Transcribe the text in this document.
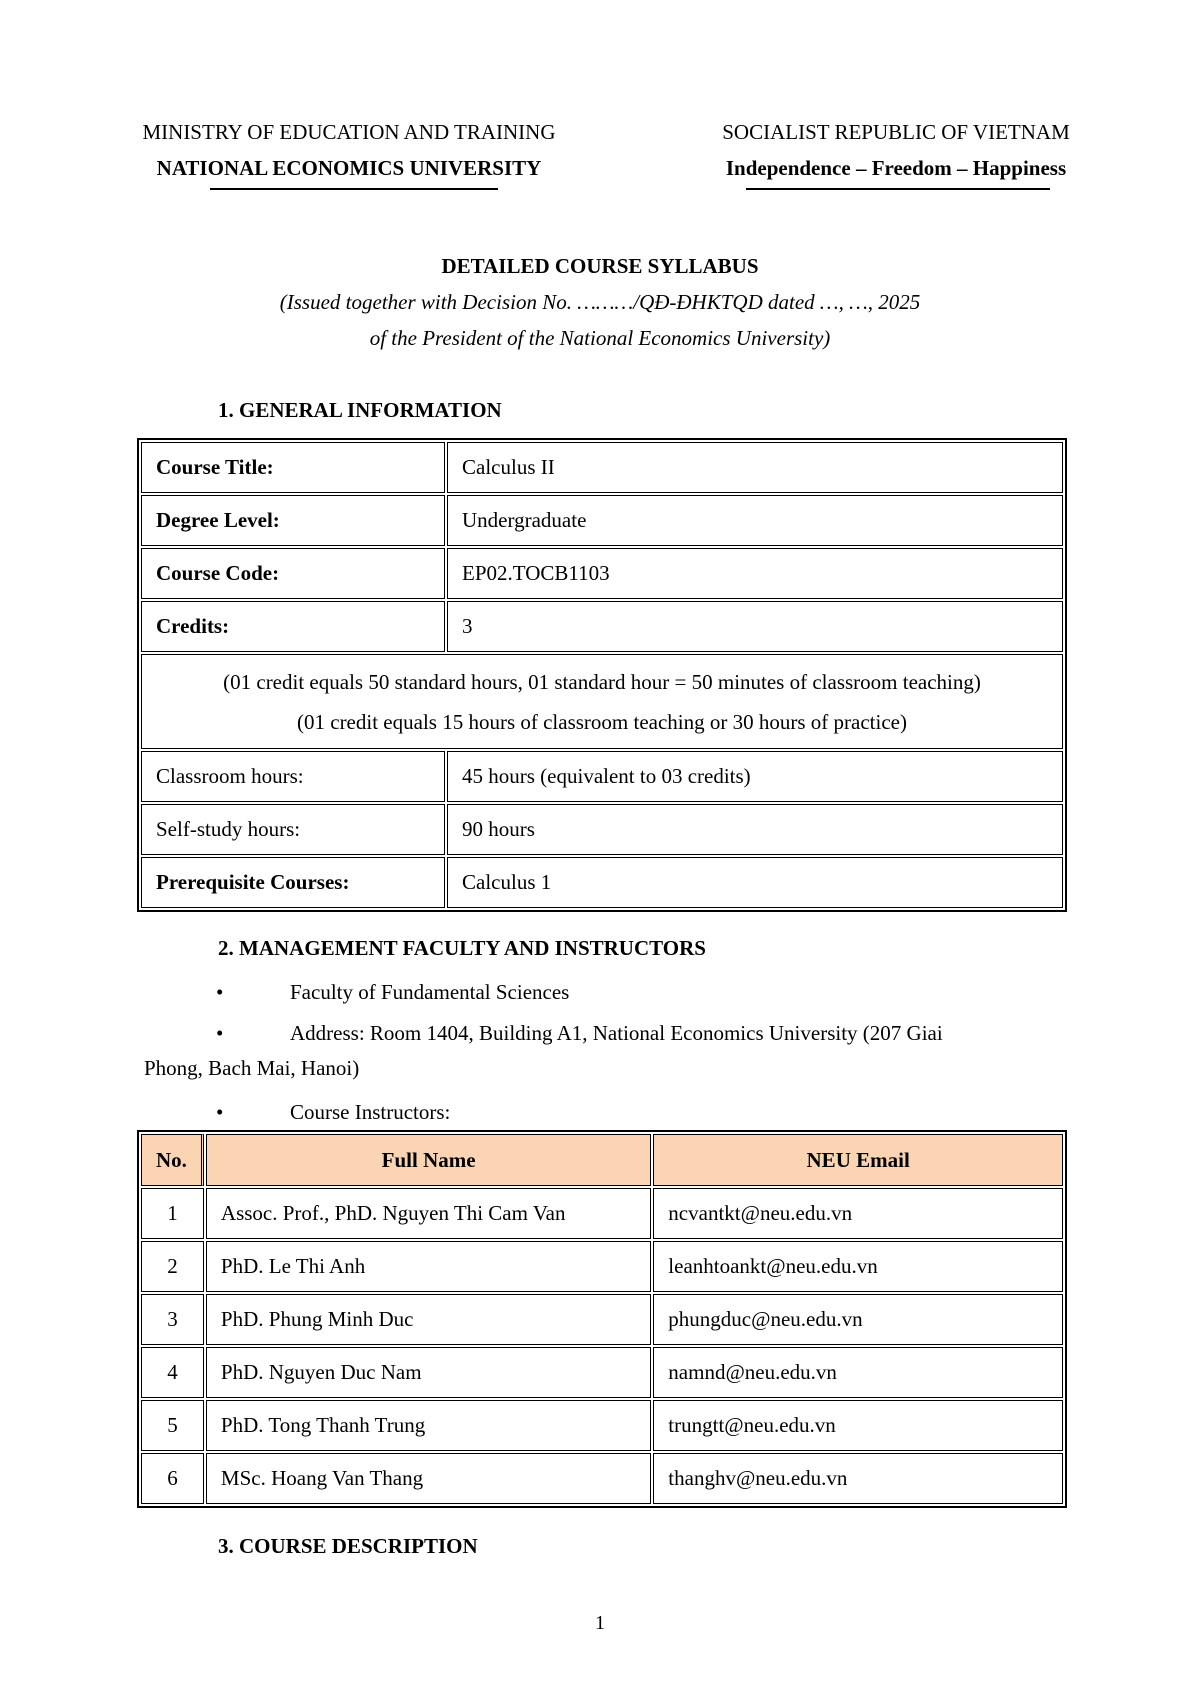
MINISTRY OF EDUCATION AND TRAINING
NATIONAL ECONOMICS UNIVERSITY
SOCIALIST REPUBLIC OF VIETNAM
Independence – Freedom – Happiness
DETAILED COURSE SYLLABUS
(Issued together with Decision No. ………/QĐ-ĐHKTQD dated …, …, 2025
of the President of the National Economics University)
1. GENERAL INFORMATION
Course Title:	Calculus II
Degree Level:	Undergraduate
Course Code:	EP02.TOCB1103
Credits:	3

(01 credit equals 50 standard hours, 01 standard hour = 50 minutes of classroom teaching)
(01 credit equals 15 hours of classroom teaching or 30 hours of practice)	

Classroom hours:	45 hours (equivalent to 03 credits)
Self-study hours:	90 hours
Prerequisite Courses:	Calculus 1
2. MANAGEMENT FACULTY AND INSTRUCTORS
•	Faculty of Fundamental Sciences
•	Address: Room 1404, Building A1, National Economics University (207 Giai
Phong, Bach Mai, Hanoi)
•	Course Instructors:
No.	Full Name	NEU Email
1	Assoc. Prof., PhD. Nguyen Thi Cam Van	ncvantkt@neu.edu.vn
2	PhD. Le Thi Anh	leanhtoankt@neu.edu.vn
3	PhD. Phung Minh Duc	phungduc@neu.edu.vn
4	PhD. Nguyen Duc Nam	namnd@neu.edu.vn
5	PhD. Tong Thanh Trung	trungtt@neu.edu.vn
6	MSc. Hoang Van Thang	thanghv@neu.edu.vn
3. COURSE DESCRIPTION
1
